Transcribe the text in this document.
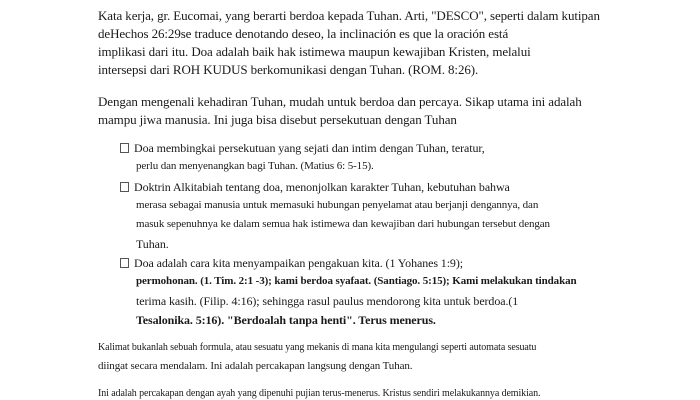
Kata kerja, gr. Eucomai, yang berarti berdoa kepada Tuhan. Arti, "DESCO", seperti dalam kutipan
deHechos 26:29se traduce denotando deseo, la inclinación es que la oración está
implikasi dari itu. Doa adalah baik hak istimewa maupun kewajiban Kristen, melalui
intersepsi dari ROH KUDUS berkomunikasi dengan Tuhan. (ROM. 8:26).
Dengan mengenali kehadiran Tuhan, mudah untuk berdoa dan percaya. Sikap utama ini adalah
mampu jiwa manusia. Ini juga bisa disebut persekutuan dengan Tuhan
Doa membingkai persekutuan yang sejati dan intim dengan Tuhan, teratur,
perlu dan menyenangkan bagi Tuhan. (Matius 6: 5-15).
Doktrin Alkitabiah tentang doa, menonjolkan karakter Tuhan, kebutuhan bahwa
merasa sebagai manusia untuk memasuki hubungan penyelamat atau berjanji dengannya, dan
masuk sepenuhnya ke dalam semua hak istimewa dan kewajiban dari hubungan tersebut dengan
Tuhan.
Doa adalah cara kita menyampaikan pengakuan kita. (1 Yohanes 1:9);
permohonan. (1. Tim. 2:1 -3); kami berdoa syafaat. (Santiago. 5:15); Kami melakukan tindakan
terima kasih. (Filip. 4:16); sehingga rasul paulus mendorong kita untuk berdoa.(1
Tesalonika. 5:16). "Berdoalah tanpa henti". Terus menerus.
Kalimat bukanlah sebuah formula, atau sesuatu yang mekanis di mana kita mengulangi seperti automata sesuatu
diingat secara mendalam. Ini adalah percakapan langsung dengan Tuhan.
Ini adalah percakapan dengan ayah yang dipenuhi pujian terus-menerus. Kristus sendiri melakukannya demikian.
